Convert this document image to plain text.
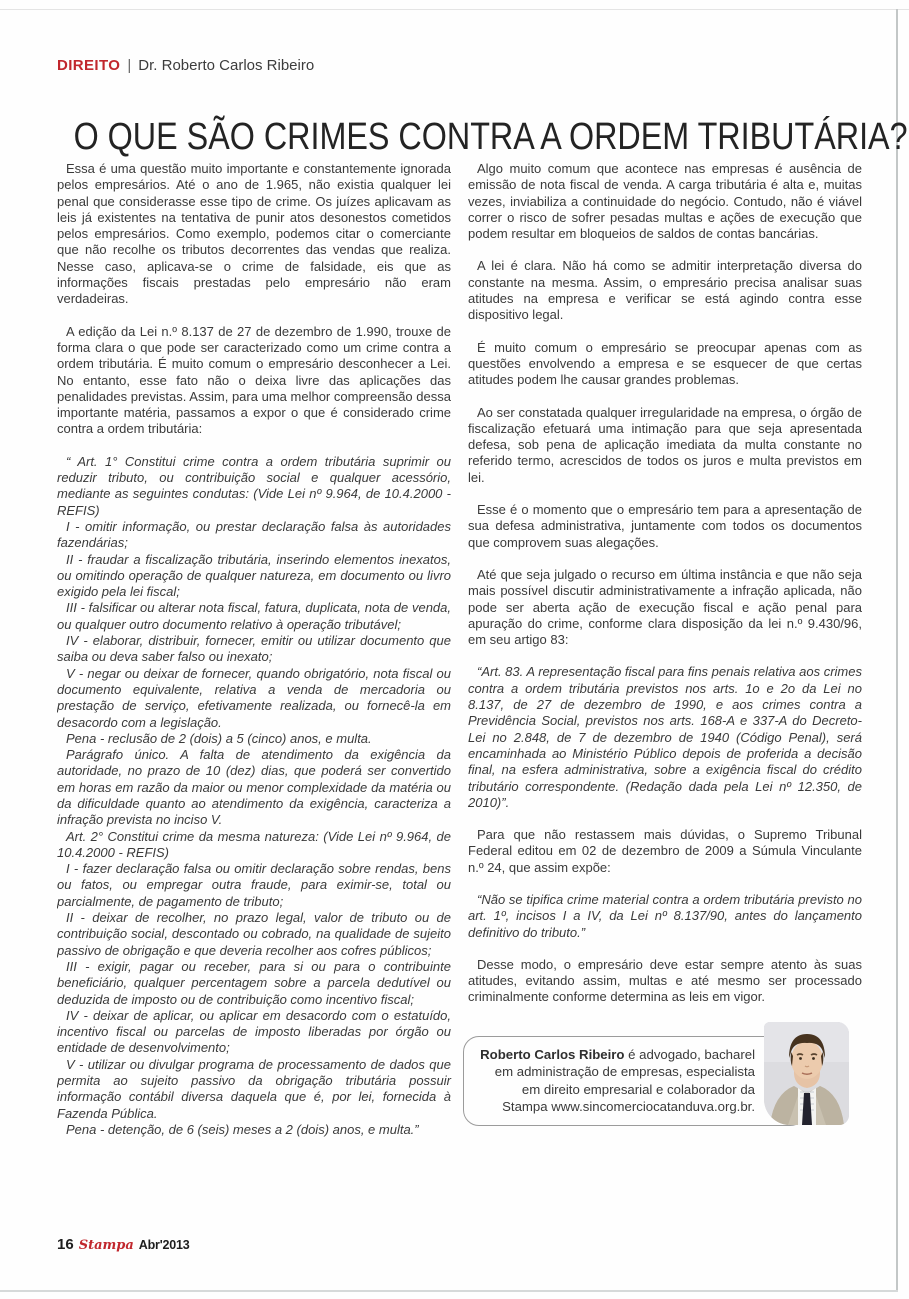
DIREITO | Dr. Roberto Carlos Ribeiro
O QUE SÃO CRIMES CONTRA A ORDEM TRIBUTÁRIA?

Essa é uma questão muito importante e constantemente ignorada pelos empresários. Até o ano de 1.965, não existia qualquer lei penal que considerasse esse tipo de crime. Os juízes aplicavam as leis já existentes na tentativa de punir atos desonestos cometidos pelos empresários. Como exemplo, podemos citar o comerciante que não recolhe os tributos decorrentes das vendas que realiza. Nesse caso, aplicava-se o crime de falsidade, eis que as informações fiscais prestadas pelo empresário não eram verdadeiras.

A edição da Lei n.º 8.137 de 27 de dezembro de 1.990, trouxe de forma clara o que pode ser caracterizado como um crime contra a ordem tributária. É muito comum o empresário desconhecer a Lei. No entanto, esse fato não o deixa livre das aplicações das penalidades previstas. Assim, para uma melhor compreensão dessa importante matéria, passamos a expor o que é considerado crime contra a ordem tributária:

“ Art. 1° Constitui crime contra a ordem tributária suprimir ou reduzir tributo, ou contribuição social e qualquer acessório, mediante as seguintes condutas: (Vide Lei nº 9.964, de 10.4.2000 - REFIS)

I - omitir informação, ou prestar declaração falsa às autoridades fazendárias;

II - fraudar a fiscalização tributária, inserindo elementos inexatos, ou omitindo operação de qualquer natureza, em documento ou livro exigido pela lei fiscal;

III - falsificar ou alterar nota fiscal, fatura, duplicata, nota de venda, ou qualquer outro documento relativo à operação tributável;

IV - elaborar, distribuir, fornecer, emitir ou utilizar documento que saiba ou deva saber falso ou inexato;

V - negar ou deixar de fornecer, quando obrigatório, nota fiscal ou documento equivalente, relativa a venda de mercadoria ou prestação de serviço, efetivamente realizada, ou fornecê-la em desacordo com a legislação.

Pena - reclusão de 2 (dois) a 5 (cinco) anos, e multa.

Parágrafo único. A falta de atendimento da exigência da autoridade, no prazo de 10 (dez) dias, que poderá ser convertido em horas em razão da maior ou menor complexidade da matéria ou da dificuldade quanto ao atendimento da exigência, caracteriza a infração prevista no inciso V.

Art. 2° Constitui crime da mesma natureza: (Vide Lei nº 9.964, de 10.4.2000 - REFIS)

I - fazer declaração falsa ou omitir declaração sobre rendas, bens ou fatos, ou empregar outra fraude, para eximir-se, total ou parcialmente, de pagamento de tributo;

II - deixar de recolher, no prazo legal, valor de tributo ou de contribuição social, descontado ou cobrado, na qualidade de sujeito passivo de obrigação e que deveria recolher aos cofres públicos;

III - exigir, pagar ou receber, para si ou para o contribuinte beneficiário, qualquer percentagem sobre a parcela dedutível ou deduzida de imposto ou de contribuição como incentivo fiscal;

IV - deixar de aplicar, ou aplicar em desacordo com o estatuído, incentivo fiscal ou parcelas de imposto liberadas por órgão ou entidade de desenvolvimento;

V - utilizar ou divulgar programa de processamento de dados que permita ao sujeito passivo da obrigação tributária possuir informação contábil diversa daquela que é, por lei, fornecida à Fazenda Pública.

Pena - detenção, de 6 (seis) meses a 2 (dois) anos, e multa.”

Algo muito comum que acontece nas empresas é ausência de emissão de nota fiscal de venda. A carga tributária é alta e, muitas vezes, inviabiliza a continuidade do negócio. Contudo, não é viável correr o risco de sofrer pesadas multas e ações de execução que podem resultar em bloqueios de saldos de contas bancárias.

A lei é clara. Não há como se admitir interpretação diversa do constante na mesma. Assim, o empresário precisa analisar suas atitudes na empresa e verificar se está agindo contra esse dispositivo legal.

É muito comum o empresário se preocupar apenas com as questões envolvendo a empresa e se esquecer de que certas atitudes podem lhe causar grandes problemas.

Ao ser constatada qualquer irregularidade na empresa, o órgão de fiscalização efetuará uma intimação para que seja apresentada defesa, sob pena de aplicação imediata da multa constante no referido termo, acrescidos de todos os juros e multa previstos em lei.

Esse é o momento que o empresário tem para a apresentação de sua defesa administrativa, juntamente com todos os documentos que comprovem suas alegações.

Até que seja julgado o recurso em última instância e que não seja mais possível discutir administrativamente a infração aplicada, não pode ser aberta ação de execução fiscal e ação penal para apuração do crime, conforme clara disposição da lei n.º 9.430/96, em seu artigo 83:

“Art. 83. A representação fiscal para fins penais relativa aos crimes contra a ordem tributária previstos nos arts. 1o e 2o da Lei no 8.137, de 27 de dezembro de 1990, e aos crimes contra a Previdência Social, previstos nos arts. 168-A e 337-A do Decreto-Lei no 2.848, de 7 de dezembro de 1940 (Código Penal), será encaminhada ao Ministério Público depois de proferida a decisão final, na esfera administrativa, sobre a exigência fiscal do crédito tributário correspondente. (Redação dada pela Lei nº 12.350, de 2010)”.

Para que não restassem mais dúvidas, o Supremo Tribunal Federal editou em 02 de dezembro de 2009 a Súmula Vinculante n.º 24, que assim expõe:

“Não se tipifica crime material contra a ordem tributária previsto no art. 1º, incisos I a IV, da Lei nº 8.137/90, antes do lançamento definitivo do tributo.”

Desse modo, o empresário deve estar sempre atento às suas atitudes, evitando assim, multas e até mesmo ser processado criminalmente conforme determina as leis em vigor.

Roberto Carlos Ribeiro é advogado, bacharel em administração de empresas, especialista em direito empresarial e colaborador da Stampa www.sincomerciocatanduva.org.br.
16 Stampa Abr'2013
